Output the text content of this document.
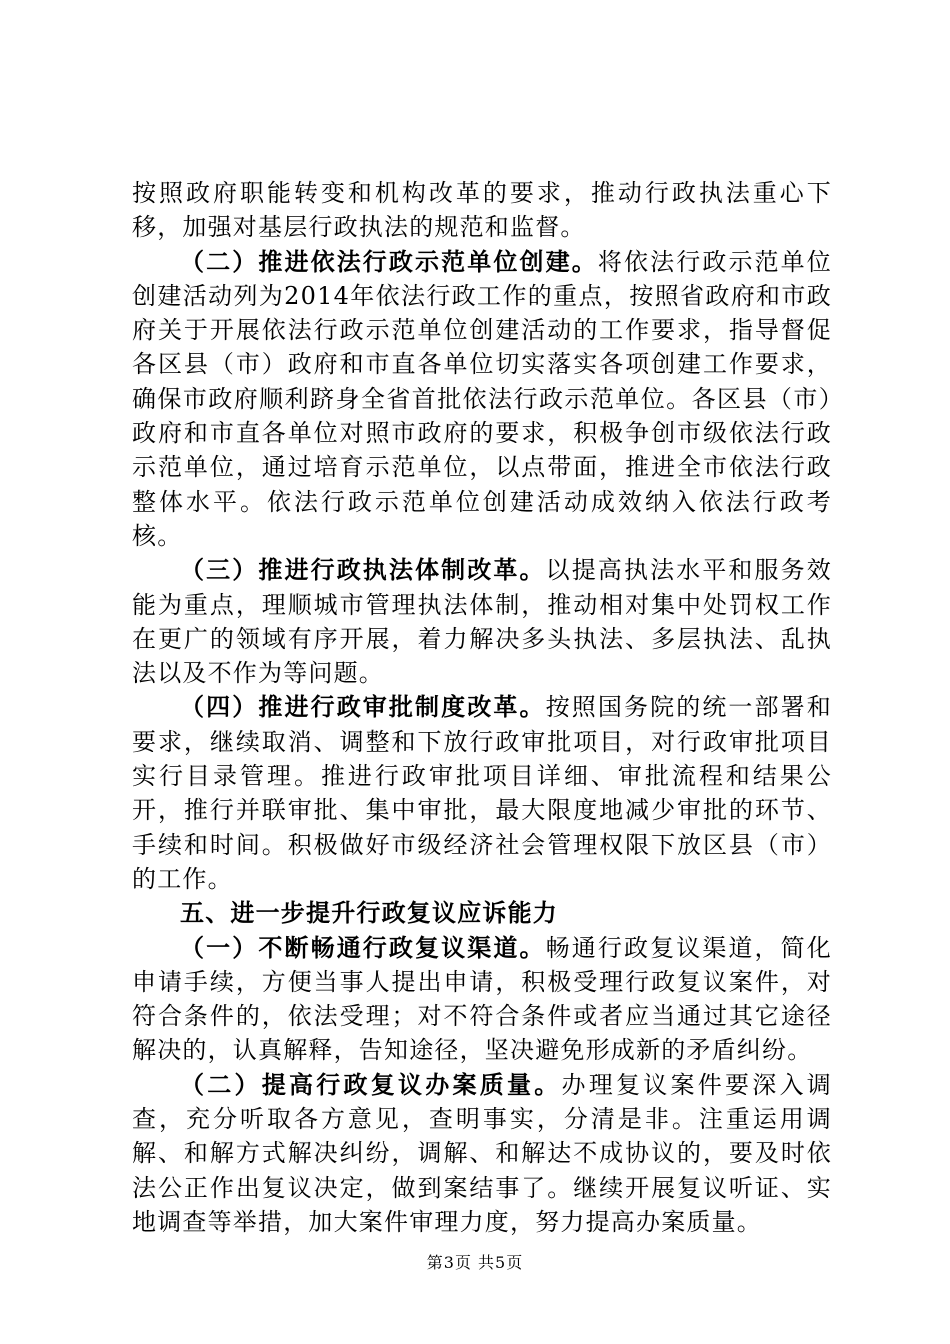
按照政府职能转变和机构改革的要求，推动行政执法重心下移，加强对基层行政执法的规范和监督。

（二）推进依法行政示范单位创建。将依法行政示范单位创建活动列为2014年依法行政工作的重点，按照省政府和市政府关于开展依法行政示范单位创建活动的工作要求，指导督促各区县（市）政府和市直各单位切实落实各项创建工作要求，确保市政府顺利跻身全省首批依法行政示范单位。各区县（市）政府和市直各单位对照市政府的要求，积极争创市级依法行政示范单位，通过培育示范单位，以点带面，推进全市依法行政整体水平。依法行政示范单位创建活动成效纳入依法行政考核。

（三）推进行政执法体制改革。以提高执法水平和服务效能为重点，理顺城市管理执法体制，推动相对集中处罚权工作在更广的领域有序开展，着力解决多头执法、多层执法、乱执法以及不作为等问题。

（四）推进行政审批制度改革。按照国务院的统一部署和要求，继续取消、调整和下放行政审批项目，对行政审批项目实行目录管理。推进行政审批项目详细、审批流程和结果公开，推行并联审批、集中审批，最大限度地减少审批的环节、手续和时间。积极做好市级经济社会管理权限下放区县（市）的工作。

五、进一步提升行政复议应诉能力

（一）不断畅通行政复议渠道。畅通行政复议渠道，简化申请手续，方便当事人提出申请，积极受理行政复议案件，对符合条件的，依法受理；对不符合条件或者应当通过其它途径解决的，认真解释，告知途径，坚决避免形成新的矛盾纠纷。

（二）提高行政复议办案质量。办理复议案件要深入调查，充分听取各方意见，查明事实，分清是非。注重运用调解、和解方式解决纠纷，调解、和解达不成协议的，要及时依法公正作出复议决定，做到案结事了。继续开展复议听证、实地调查等举措，加大案件审理力度，努力提高办案质量。

第3页 共5页
